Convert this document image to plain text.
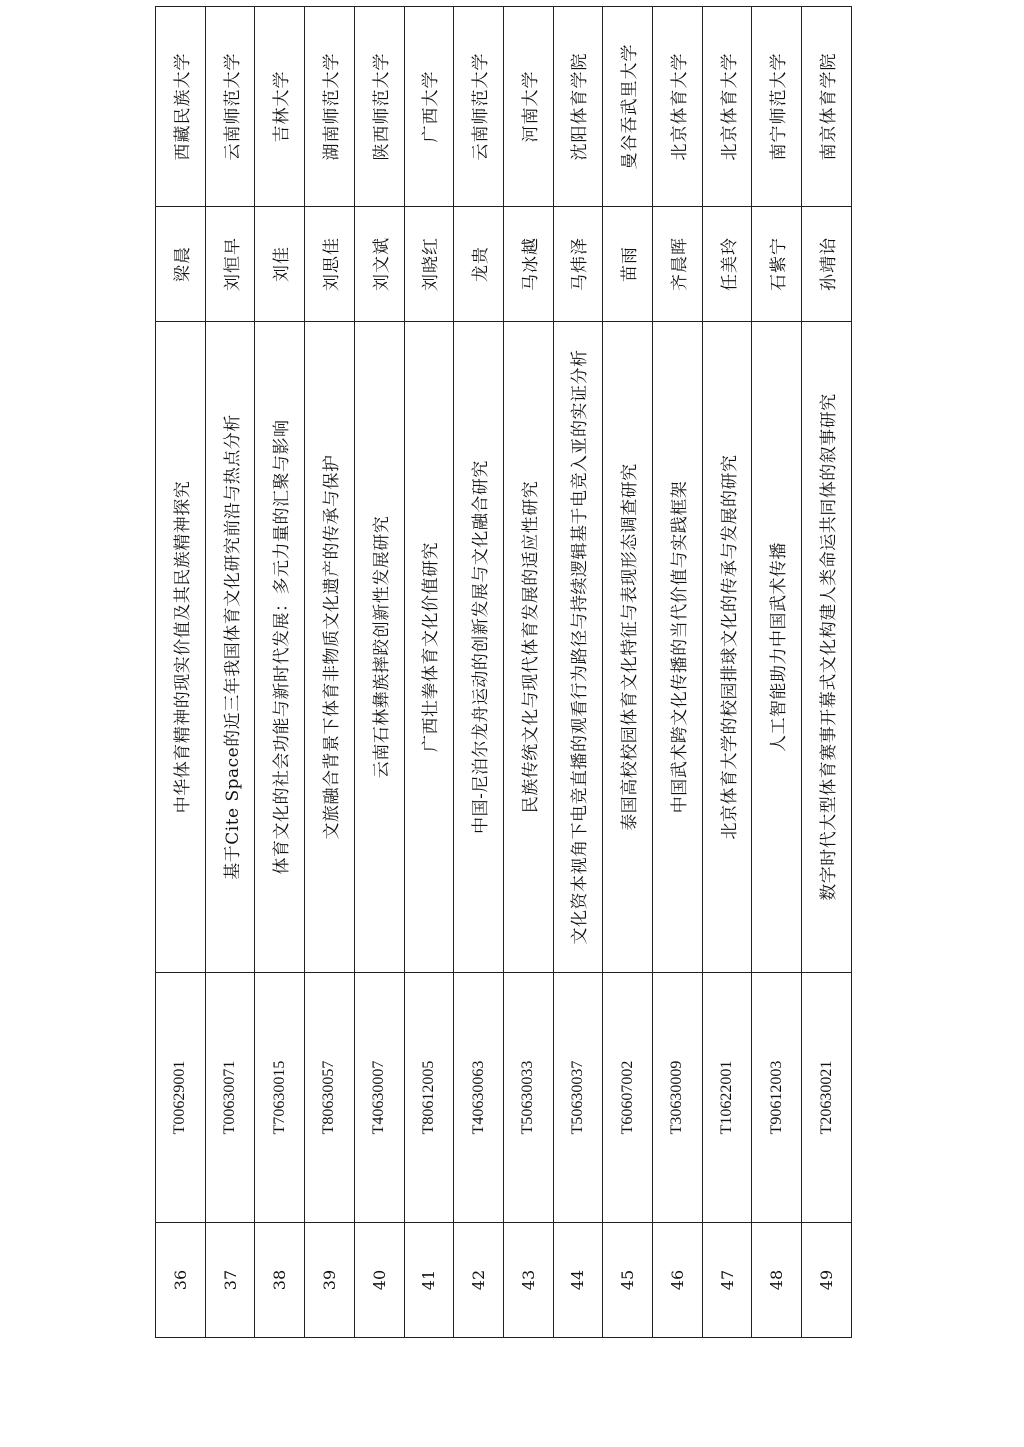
36	T00629001	中华体育精神的现实价值及其民族精神探究	梁晨	西藏民族大学
37	T00630071	基于Cite Space的近三年我国体育文化研究前沿与热点分析	刘恒早	云南师范大学
38	T70630015	体育文化的社会功能与新时代发展：多元力量的汇聚与影响	刘佳	吉林大学
39	T80630057	文旅融合背景下体育非物质文化遗产的传承与保护	刘思佳	湖南师范大学
40	T40630007	云南石林彝族摔跤创新性发展研究	刘文斌	陕西师范大学
41	T80612005	广西壮拳体育文化价值研究	刘晓红	广西大学
42	T40630063	中国-尼泊尔龙舟运动的创新发展与文化融合研究	龙贵	云南师范大学
43	T50630033	民族传统文化与现代体育发展的适应性研究	马冰越	河南大学
44	T50630037	文化资本视角下电竞直播的观看行为路径与持续逻辑基于电竞入亚的实证分析	马炜泽	沈阳体育学院
45	T60607002	泰国高校校园体育文化特征与表现形态调查研究	苗雨	曼谷吞武里大学
46	T30630009	中国武术跨文化传播的当代价值与实践框架	齐晨晖	北京体育大学
47	T10622001	北京体育大学的校园排球文化的传承与发展的研究	任美玲	北京体育大学
48	T90612003	人工智能助力中国武术传播	石紫宁	南宁师范大学
49	T20630021	数字时代大型体育赛事开幕式文化构建人类命运共同体的叙事研究	孙靖诒	南京体育学院
